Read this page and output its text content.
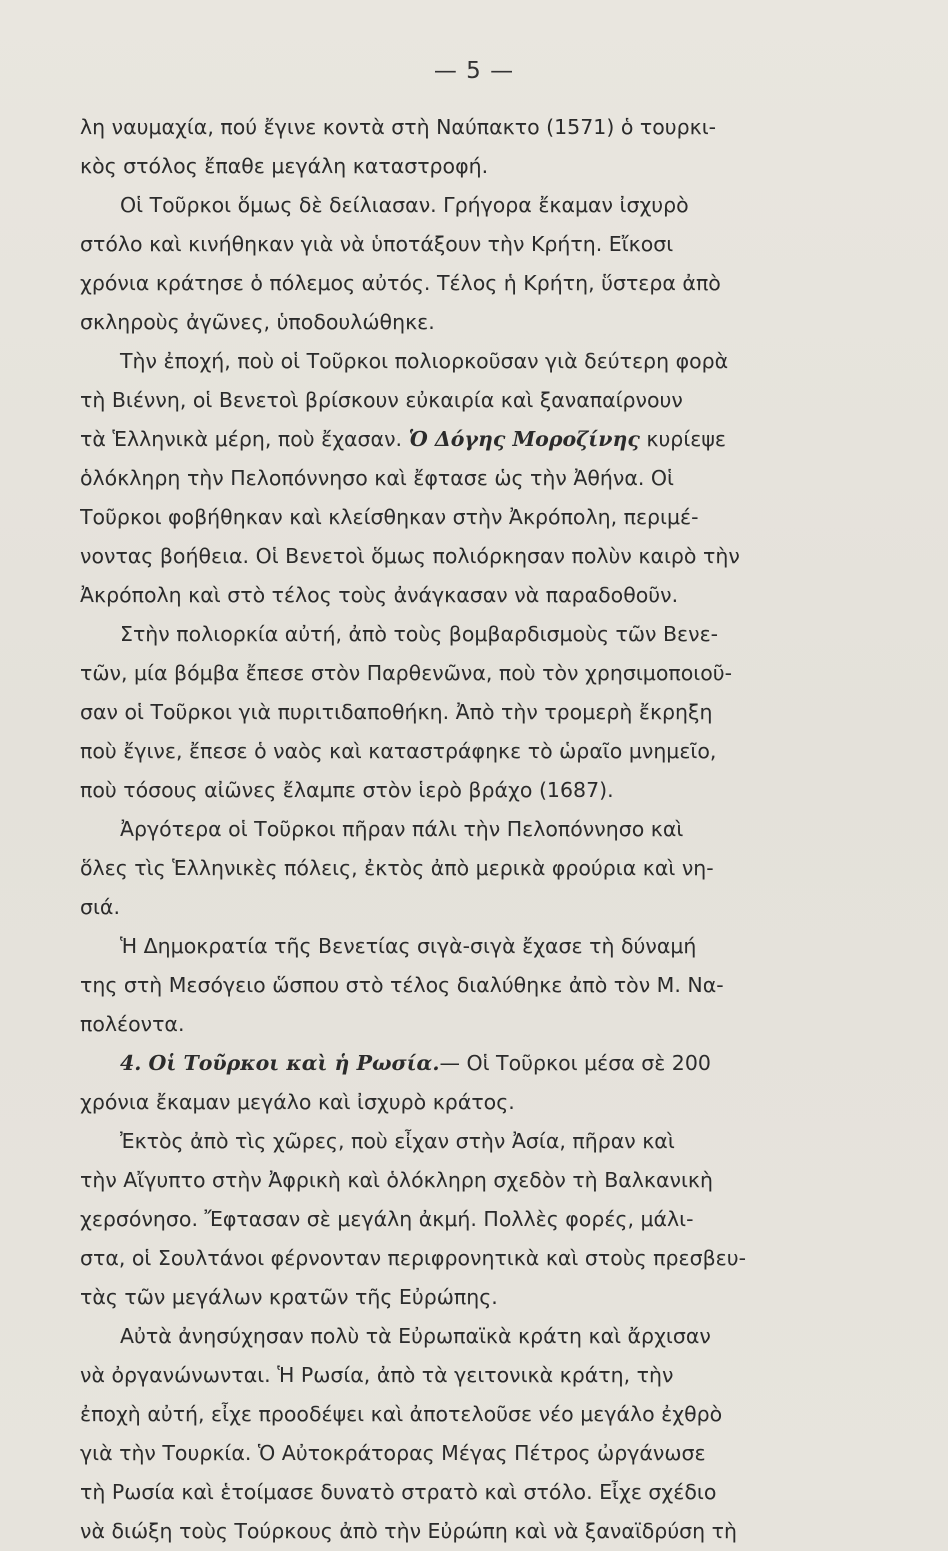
— 5 —
λη ναυμαχία, πού ἔγινε κοντὰ στὴ Ναύπακτο (1571) ὁ τουρκι-
κὸς στόλος ἔπαθε μεγάλη καταστροφή.
Οἱ Τοῦρκοι ὅμως δὲ δείλιασαν. Γρήγορα ἔκαμαν ἰσχυρὸ
στόλο καὶ κινήθηκαν γιὰ νὰ ὑποτάξουν τὴν Κρήτη. Εἴκοσι
χρόνια κράτησε ὁ πόλεμος αὐτός. Τέλος ἡ Κρήτη, ὕστερα ἀπὸ
σκληροὺς ἀγῶνες, ὑποδουλώθηκε.
Τὴν ἐποχή, ποὺ οἱ Τοῦρκοι πολιορκοῦσαν γιὰ δεύτερη φορὰ
τὴ Βιέννη, οἱ Βενετοὶ βρίσκουν εὐκαιρία καὶ ξαναπαίρνουν
τὰ Ἑλληνικὰ μέρη, ποὺ ἔχασαν. Ὁ Δόγης Μοροζίνης κυρίεψε
ὁλόκληρη τὴν Πελοπόννησο καὶ ἔφτασε ὡς τὴν Ἀθήνα. Οἱ
Τοῦρκοι φοβήθηκαν καὶ κλείσθηκαν στὴν Ἀκρόπολη, περιμέ-
νοντας βοήθεια. Οἱ Βενετοὶ ὅμως πολιόρκησαν πολὺν καιρὸ τὴν
Ἀκρόπολη καὶ στὸ τέλος τοὺς ἀνάγκασαν νὰ παραδοθοῦν.
Στὴν πολιορκία αὐτή, ἀπὸ τοὺς βομβαρδισμοὺς τῶν Βενε-
τῶν, μία βόμβα ἔπεσε στὸν Παρθενῶνα, ποὺ τὸν χρησιμοποιοῦ-
σαν οἱ Τοῦρκοι γιὰ πυριτιδαποθήκη. Ἀπὸ τὴν τρομερὴ ἔκρηξη
ποὺ ἔγινε, ἔπεσε ὁ ναὸς καὶ καταστράφηκε τὸ ὡραῖο μνημεῖο,
ποὺ τόσους αἰῶνες ἔλαμπε στὸν ἱερὸ βράχο (1687).
Ἀργότερα οἱ Τοῦρκοι πῆραν πάλι τὴν Πελοπόννησο καὶ
ὅλες τὶς Ἑλληνικὲς πόλεις, ἐκτὸς ἀπὸ μερικὰ φρούρια καὶ νη-
σιά.
Ἡ Δημοκρατία τῆς Βενετίας σιγὰ-σιγὰ ἔχασε τὴ δύναμή
της στὴ Μεσόγειο ὥσπου στὸ τέλος διαλύθηκε ἀπὸ τὸν Μ. Να-
πολέοντα.
4. Οἱ Τοῦρκοι καὶ ἡ Ρωσία.— Οἱ Τοῦρκοι μέσα σὲ 200
χρόνια ἔκαμαν μεγάλο καὶ ἰσχυρὸ κράτος.
Ἐκτὸς ἀπὸ τὶς χῶρες, ποὺ εἶχαν στὴν Ἀσία, πῆραν καὶ
τὴν Αἴγυπτο στὴν Ἀφρικὴ καὶ ὁλόκληρη σχεδὸν τὴ Βαλκανικὴ
χερσόνησο. Ἔφτασαν σὲ μεγάλη ἀκμή. Πολλὲς φορές, μάλι-
στα, οἱ Σουλτάνοι φέρνονταν περιφρονητικὰ καὶ στοὺς πρεσβευ-
τὰς τῶν μεγάλων κρατῶν τῆς Εὐρώπης.
Αὐτὰ ἀνησύχησαν πολὺ τὰ Εὐρωπαϊκὰ κράτη καὶ ἄρχισαν
νὰ ὀργανώνωνται. Ἡ Ρωσία, ἀπὸ τὰ γειτονικὰ κράτη, τὴν
ἐποχὴ αὐτή, εἶχε προοδέψει καὶ ἀποτελοῦσε νέο μεγάλο ἐχθρὸ
γιὰ τὴν Τουρκία. Ὁ Αὐτοκράτορας Μέγας Πέτρος ὠργάνωσε
τὴ Ρωσία καὶ ἑτοίμασε δυνατὸ στρατὸ καὶ στόλο. Εἶχε σχέδιο
νὰ διώξη τοὺς Τούρκους ἀπὸ τὴν Εὐρώπη καὶ νὰ ξαναϊδρύση τὴ
